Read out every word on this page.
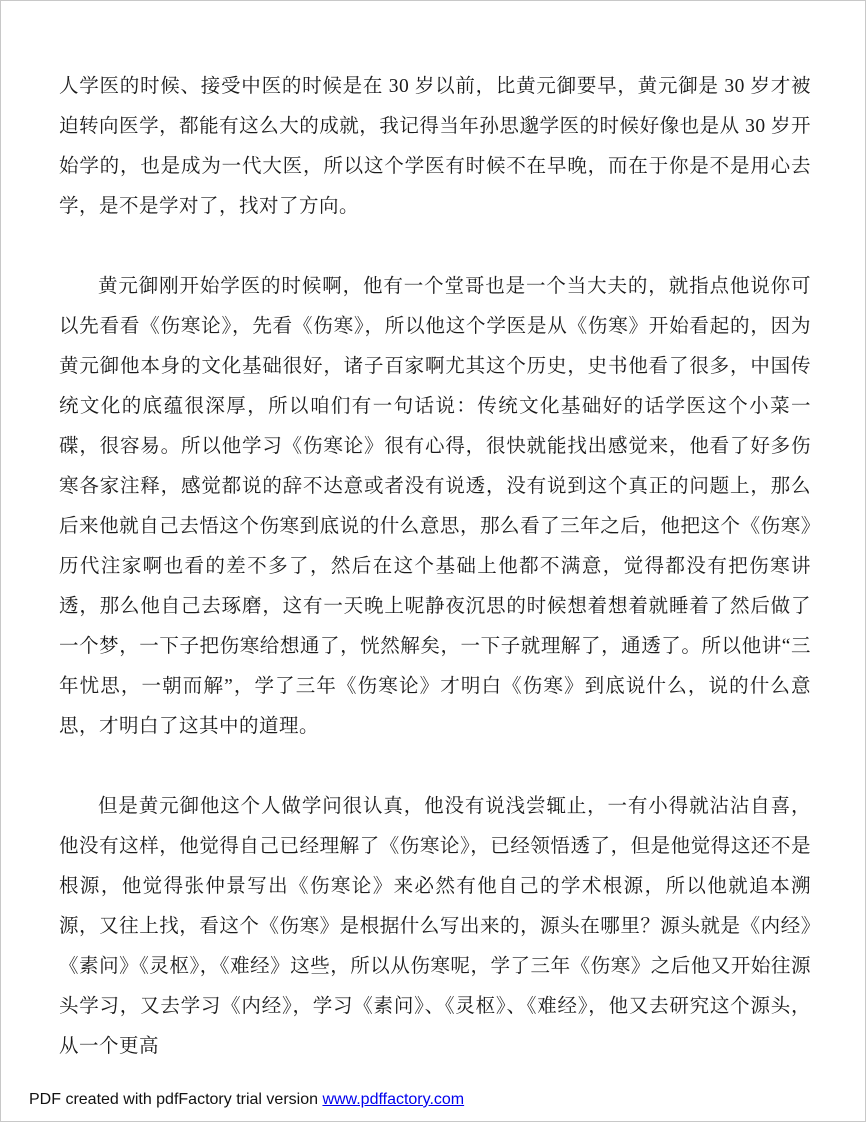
人学医的时候、接受中医的时候是在 30 岁以前，比黄元御要早，黄元御是 30 岁才被迫转向医学，都能有这么大的成就，我记得当年孙思邈学医的时候好像也是从 30 岁开始学的，也是成为一代大医，所以这个学医有时候不在早晚，而在于你是不是用心去学，是不是学对了，找对了方向。

黄元御刚开始学医的时候啊，他有一个堂哥也是一个当大夫的，就指点他说你可以先看看《伤寒论》，先看《伤寒》，所以他这个学医是从《伤寒》开始看起的，因为黄元御他本身的文化基础很好，诸子百家啊尤其这个历史，史书他看了很多，中国传统文化的底蕴很深厚，所以咱们有一句话说：传统文化基础好的话学医这个小菜一碟，很容易。所以他学习《伤寒论》很有心得，很快就能找出感觉来，他看了好多伤寒各家注释，感觉都说的辞不达意或者没有说透，没有说到这个真正的问题上，那么后来他就自己去悟这个伤寒到底说的什么意思，那么看了三年之后，他把这个《伤寒》历代注家啊也看的差不多了，然后在这个基础上他都不满意，觉得都没有把伤寒讲透，那么他自己去琢磨，这有一天晚上呢静夜沉思的时候想着想着就睡着了然后做了一个梦，一下子把伤寒给想通了，恍然解矣，一下子就理解了，通透了。所以他讲“三年忧思，一朝而解”，学了三年《伤寒论》才明白《伤寒》到底说什么，说的什么意思，才明白了这其中的道理。

但是黄元御他这个人做学问很认真，他没有说浅尝辄止，一有小得就沾沾自喜，他没有这样，他觉得自己已经理解了《伤寒论》，已经领悟透了，但是他觉得这还不是根源，他觉得张仲景写出《伤寒论》来必然有他自己的学术根源，所以他就追本溯源，又往上找，看这个《伤寒》是根据什么写出来的，源头在哪里？源头就是《内经》《素问》《灵枢》，《难经》这些，所以从伤寒呢，学了三年《伤寒》之后他又开始往源头学习，又去学习《内经》，学习《素问》、《灵枢》、《难经》，他又去研究这个源头，从一个更高

PDF created with pdfFactory trial version www.pdffactory.com
